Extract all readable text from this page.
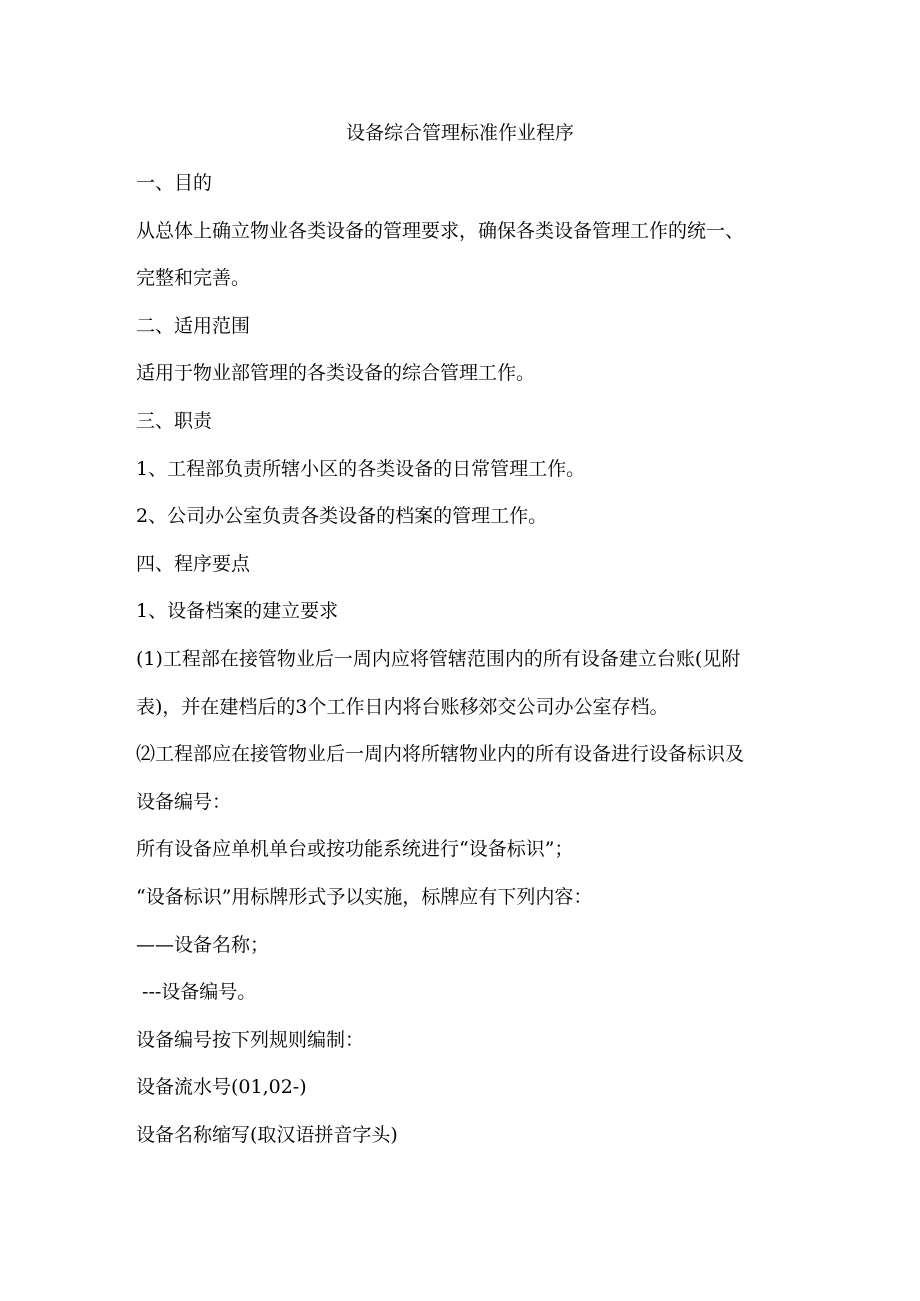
设备综合管理标准作业程序

一、目的

从总体上确立物业各类设备的管理要求，确保各类设备管理工作的统一、

完整和完善。

二、适用范围

适用于物业部管理的各类设备的综合管理工作。

三、职责

1、工程部负责所辖小区的各类设备的日常管理工作。

2、公司办公室负责各类设备的档案的管理工作。

四、程序要点

1、设备档案的建立要求

(1)工程部在接管物业后一周内应将管辖范围内的所有设备建立台账(见附

表)，并在建档后的3个工作日内将台账移郊交公司办公室存档。

⑵工程部应在接管物业后一周内将所辖物业内的所有设备进行设备标识及

设备编号：

所有设备应单机单台或按功能系统进行“设备标识”；

“设备标识”用标牌形式予以实施，标牌应有下列内容：

——设备名称；

---设备编号。

设备编号按下列规则编制：

设备流水号(01,02-)

设备名称缩写(取汉语拼音字头)
